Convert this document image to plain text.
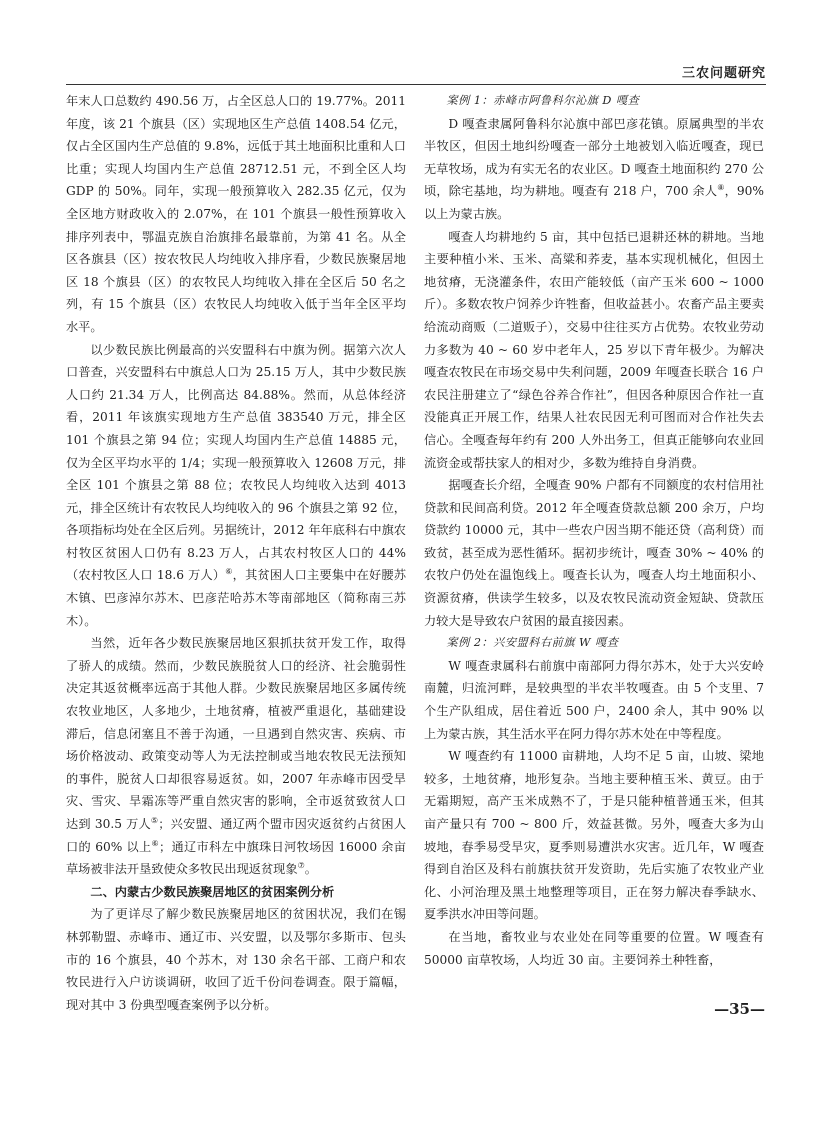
三农问题研究

年末人口总数约 490.56 万，占全区总人口的 19.77%。2011 年度，该 21 个旗县（区）实现地区生产总值 1408.54 亿元，仅占全区国内生产总值的 9.8%，远低于其土地面积比重和人口比重；实现人均国内生产总值 28712.51 元，不到全区人均 GDP 的 50%。同年，实现一般预算收入 282.35 亿元，仅为全区地方财政收入的 2.07%，在 101 个旗县一般性预算收入排序列表中，鄂温克族自治旗排名最靠前，为第 41 名。从全区各旗县（区）按农牧民人均纯收入排序看，少数民族聚居地区 18 个旗县（区）的农牧民人均纯收入排在全区后 50 名之列，有 15 个旗县（区）农牧民人均纯收入低于当年全区平均水平。

以少数民族比例最高的兴安盟科右中旗为例。据第六次人口普查，兴安盟科右中旗总人口为 25.15 万人，其中少数民族人口约 21.34 万人，比例高达 84.88%。然而，从总体经济看，2011 年该旗实现地方生产总值 383540 万元，排全区 101 个旗县之第 94 位；实现人均国内生产总值 14885 元，仅为全区平均水平的 1/4；实现一般预算收入 12608 万元，排全区 101 个旗县之第 88 位；农牧民人均纯收入达到 4013 元，排全区统计有农牧民人均纯收入的 96 个旗县之第 92 位，各项指标均处在全区后列。另据统计，2012 年年底科右中旗农村牧区贫困人口仍有 8.23 万人，占其农村牧区人口的 44%（农村牧区人口 18.6 万人）⑥，其贫困人口主要集中在好腰苏木镇、巴彦淖尔苏木、巴彦茫哈苏木等南部地区（简称南三苏木）。

当然，近年各少数民族聚居地区狠抓扶贫开发工作，取得了骄人的成绩。然而，少数民族脱贫人口的经济、社会脆弱性决定其返贫概率远高于其他人群。少数民族聚居地区多属传统农牧业地区，人多地少，土地贫瘠，植被严重退化，基础建设滞后，信息闭塞且不善于沟通，一旦遇到自然灾害、疾病、市场价格波动、政策变动等人为无法控制或当地农牧民无法预知的事件，脱贫人口却很容易返贫。如，2007 年赤峰市因受旱灾、雪灾、旱霜冻等严重自然灾害的影响，全市返贫致贫人口达到 30.5 万人⑤；兴安盟、通辽两个盟市因灾返贫约占贫困人口的 60% 以上⑥；通辽市科左中旗珠日河牧场因 16000 余亩草场被非法开垦致使众多牧民出现返贫现象⑦。

二、内蒙古少数民族聚居地区的贫困案例分析

为了更详尽了解少数民族聚居地区的贫困状况，我们在锡林郭勒盟、赤峰市、通辽市、兴安盟，以及鄂尔多斯市、包头市的 16 个旗县，40 个苏木，对 130 余名干部、工商户和农牧民进行入户访谈调研，收回了近千份问卷调查。限于篇幅，现对其中 3 份典型嘎查案例予以分析。

案例 1：赤峰市阿鲁科尔沁旗 D 嘎查

D 嘎查隶属阿鲁科尔沁旗中部巴彦花镇。原属典型的半农半牧区，但因土地纠纷嘎查一部分土地被划入临近嘎查，现已无草牧场，成为有实无名的农业区。D 嘎查土地面积约 270 公顷，除宅基地，均为耕地。嘎查有 218 户，700 余人⑧，90% 以上为蒙古族。

嘎查人均耕地约 5 亩，其中包括已退耕还林的耕地。当地主要种植小米、玉米、高粱和荞麦，基本实现机械化，但因土地贫瘠，无浇灌条件，农田产能较低（亩产玉米 600 ~ 1000 斤）。多数农牧户饲养少许牲畜，但收益甚小。农畜产品主要卖给流动商贩（二道贩子），交易中往往买方占优势。农牧业劳动力多数为 40 ~ 60 岁中老年人，25 岁以下青年极少。为解决嘎查农牧民在市场交易中失利问题，2009 年嘎查长联合 16 户农民注册建立了“绿色谷养合作社”，但因各种原因合作社一直没能真正开展工作，结果人社农民因无利可图而对合作社失去信心。全嘎查每年约有 200 人外出务工，但真正能够向农业回流资金或帮扶家人的相对少，多数为维持自身消费。

据嘎查长介绍，全嘎查 90% 户都有不同额度的农村信用社贷款和民间高利贷。2012 年全嘎查贷款总额 200 余万，户均贷款约 10000 元，其中一些农户因当期不能还贷（高利贷）而致贫，甚至成为恶性循环。据初步统计，嘎查 30% ~ 40% 的农牧户仍处在温饱线上。嘎查长认为，嘎查人均土地面积小、资源贫瘠，供读学生较多，以及农牧民流动资金短缺、贷款压力较大是导致农户贫困的最直接因素。

案例 2：兴安盟科右前旗 W 嘎查

W 嘎查隶属科右前旗中南部阿力得尔苏木，处于大兴安岭南麓，归流河畔，是较典型的半农半牧嘎查。由 5 个支里、7 个生产队组成，居住着近 500 户，2400 余人，其中 90% 以上为蒙古族，其生活水平在阿力得尔苏木处在中等程度。

W 嘎查约有 11000 亩耕地，人均不足 5 亩，山坡、梁地较多，土地贫瘠，地形复杂。当地主要种植玉米、黄豆。由于无霜期短，高产玉米成熟不了，于是只能种植普通玉米，但其亩产量只有 700 ~ 800 斤，效益甚微。另外，嘎查大多为山坡地，春季易受旱灾，夏季则易遭洪水灾害。近几年，W 嘎查得到自治区及科右前旗扶贫开发资助，先后实施了农牧业产业化、小河治理及黑土地整理等项目，正在努力解决春季缺水、夏季洪水冲田等问题。

在当地，畜牧业与农业处在同等重要的位置。W 嘎查有 50000 亩草牧场，人均近 30 亩。主要饲养土种牲畜，

—35—
